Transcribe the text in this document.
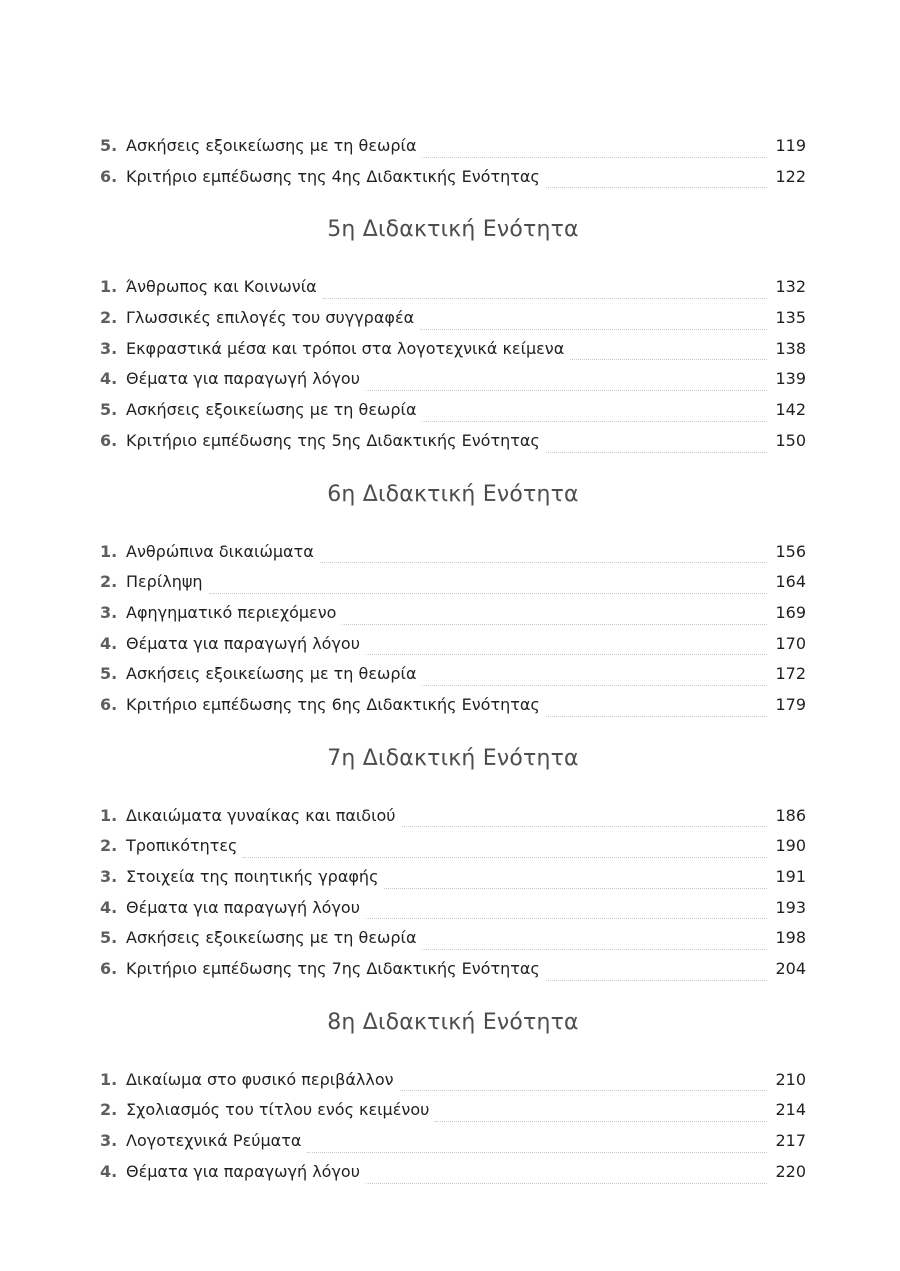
5. Ασκήσεις εξοικείωσης με τη θεωρία	119
6. Κριτήριο εμπέδωσης της 4ης Διδακτικής Ενότητας	122
5η Διδακτική Ενότητα
1. Άνθρωπος και Κοινωνία	132
2. Γλωσσικές επιλογές του συγγραφέα	135
3. Εκφραστικά μέσα και τρόποι στα λογοτεχνικά κείμενα	138
4. Θέματα για παραγωγή λόγου	139
5. Ασκήσεις εξοικείωσης με τη θεωρία	142
6. Κριτήριο εμπέδωσης της 5ης Διδακτικής Ενότητας	150
6η Διδακτική Ενότητα
1. Ανθρώπινα δικαιώματα	156
2. Περίληψη	164
3. Αφηγηματικό περιεχόμενο	169
4. Θέματα για παραγωγή λόγου	170
5. Ασκήσεις εξοικείωσης με τη θεωρία	172
6. Κριτήριο εμπέδωσης της 6ης Διδακτικής Ενότητας	179
7η Διδακτική Ενότητα
1. Δικαιώματα γυναίκας και παιδιού	186
2. Τροπικότητες	190
3. Στοιχεία της ποιητικής γραφής	191
4. Θέματα για παραγωγή λόγου	193
5. Ασκήσεις εξοικείωσης με τη θεωρία	198
6. Κριτήριο εμπέδωσης της 7ης Διδακτικής Ενότητας	204
8η Διδακτική Ενότητα
1. Δικαίωμα στο φυσικό περιβάλλον	210
2. Σχολιασμός του τίτλου ενός κειμένου	214
3. Λογοτεχνικά Ρεύματα	217
4. Θέματα για παραγωγή λόγου	220
